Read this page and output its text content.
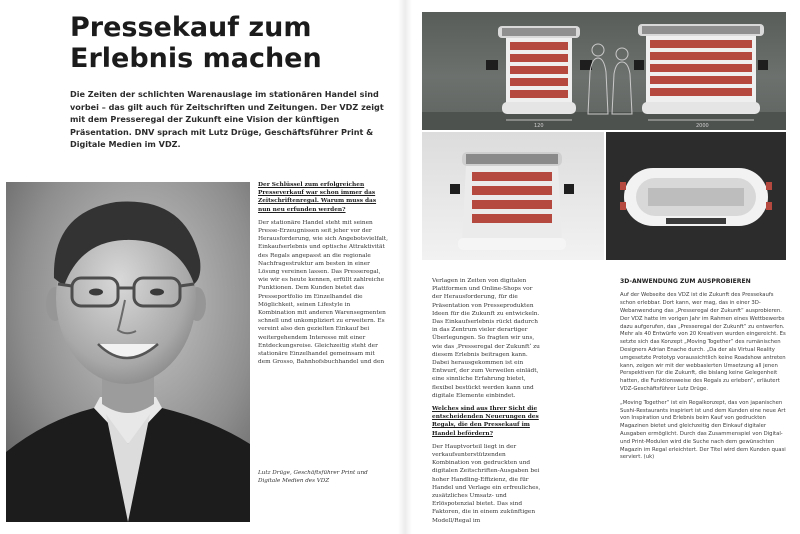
Pressekauf zum Erlebnis machen

Die Zeiten der schlichten Warenauslage im stationären Handel sind vorbei – das gilt auch für Zeitschriften und Zeitungen. Der VDZ zeigt mit dem Presseregal der Zukunft eine Vision der künftigen Präsentation. DNV sprach mit Lutz Drüge, Geschäftsführer Print & Digitale Medien im VDZ.

Der Schlüssel zum erfolgreichen Presseverkauf war schon immer das Zeitschriftenregal. Warum muss das nun neu erfunden werden?

Der stationäre Handel steht mit seinen Presse-Erzeugnissen seit jeher vor der Herausforderung, wie sich Angebotsvielfalt, Einkaufserlebnis und optische Attraktivität des Regals angepasst an die regionale Nachfragestruktur am besten in einer Lösung vereinen lassen. Das Presseregal, wie wir es heute kennen, erfüllt zahlreiche Funktionen. Dem Kunden bietet das Presseportfolio im Einzelhandel die Möglichkeit, seinen Lifestyle in Kombination mit anderen Warensegmenten schnell und unkompliziert zu erweitern. Es vereint also den gezielten Einkauf bei weitergehendem Interesse mit einer Entdeckungsreise. Gleichzeitig steht der stationäre Einzelhandel gemeinsam mit dem Grosso, Bahnhofsbuchhandel und den

Lutz Drüge, Geschäftsführer Print und Digitale Medien des VDZ

120	2000

Verlagen in Zeiten von digitalen Plattformen und Online-Shops vor der Herausforderung, für die Präsentation von Presseprodukten Ideen für die Zukunft zu entwickeln. Das Einkaufserlebnis rückt dadurch in das Zentrum vieler derartiger Überlegungen. So fragten wir uns, wie das ‚Presseregal der Zukunft‘ zu diesem Erlebnis beitragen kann. Dabei herausgekommen ist ein Entwurf, der zum Verweilen einlädt, eine sinnliche Erfahrung bietet, flexibel bestückt werden kann und digitale Elemente einbindet.

Welches sind aus Ihrer Sicht die entscheidenden Neuerungen des Regals, die den Pressekauf im Handel befördern?

Der Hauptvorteil liegt in der verkaufsunterstützenden Kombination von gedruckten und digitalen Zeitschriften-Ausgaben bei hoher Handling-Effizienz, die für Handel und Verlage ein erfreuliches, zusätzliches Umsatz- und Erlöspotenzial bietet. Das sind Faktoren, die in einem zukünftigen Modell/Regal im

3D-ANWENDUNG ZUM AUSPROBIEREN

Auf der Webseite des VDZ ist die Zukunft des Pressekaufs schon erlebbar. Dort kann, wer mag, das in einer 3D-Webanwendung das „Presseregal der Zukunft“ ausprobieren. Der VDZ hatte im vorigen Jahr im Rahmen eines Wettbewerbs dazu aufgerufen, das „Presseregal der Zukunft“ zu entwerfen. Mehr als 40 Entwürfe von 20 Kreativen wurden eingereicht. Es setzte sich das Konzept „Moving Together“ des rumänischen Designers Adrian Enache durch. „Da der als Virtual Reality umgesetzte Prototyp voraussichtlich keine Roadshow antreten kann, zeigen wir mit der webbasierten Umsetzung all jenen Perspektiven für die Zukunft, die bislang keine Gelegenheit hatten, die Funktionsweise des Regals zu erleben“, erläutert VDZ-Geschäftsführer Lutz Drüge.

„Moving Together“ ist ein Regalkonzept, das von japanischen Sushi-Restaurants inspiriert ist und dem Kunden eine neue Art von Inspiration und Erlebnis beim Kauf von gedruckten Magazinen bietet und gleichzeitig den Einkauf digitaler Ausgaben ermöglicht. Durch das Zusammenspiel von Digital- und Print-Modulen wird die Suche nach dem gewünschten Magazin im Regal erleichtert. Der Titel wird dem Kunden quasi serviert. (uk)
